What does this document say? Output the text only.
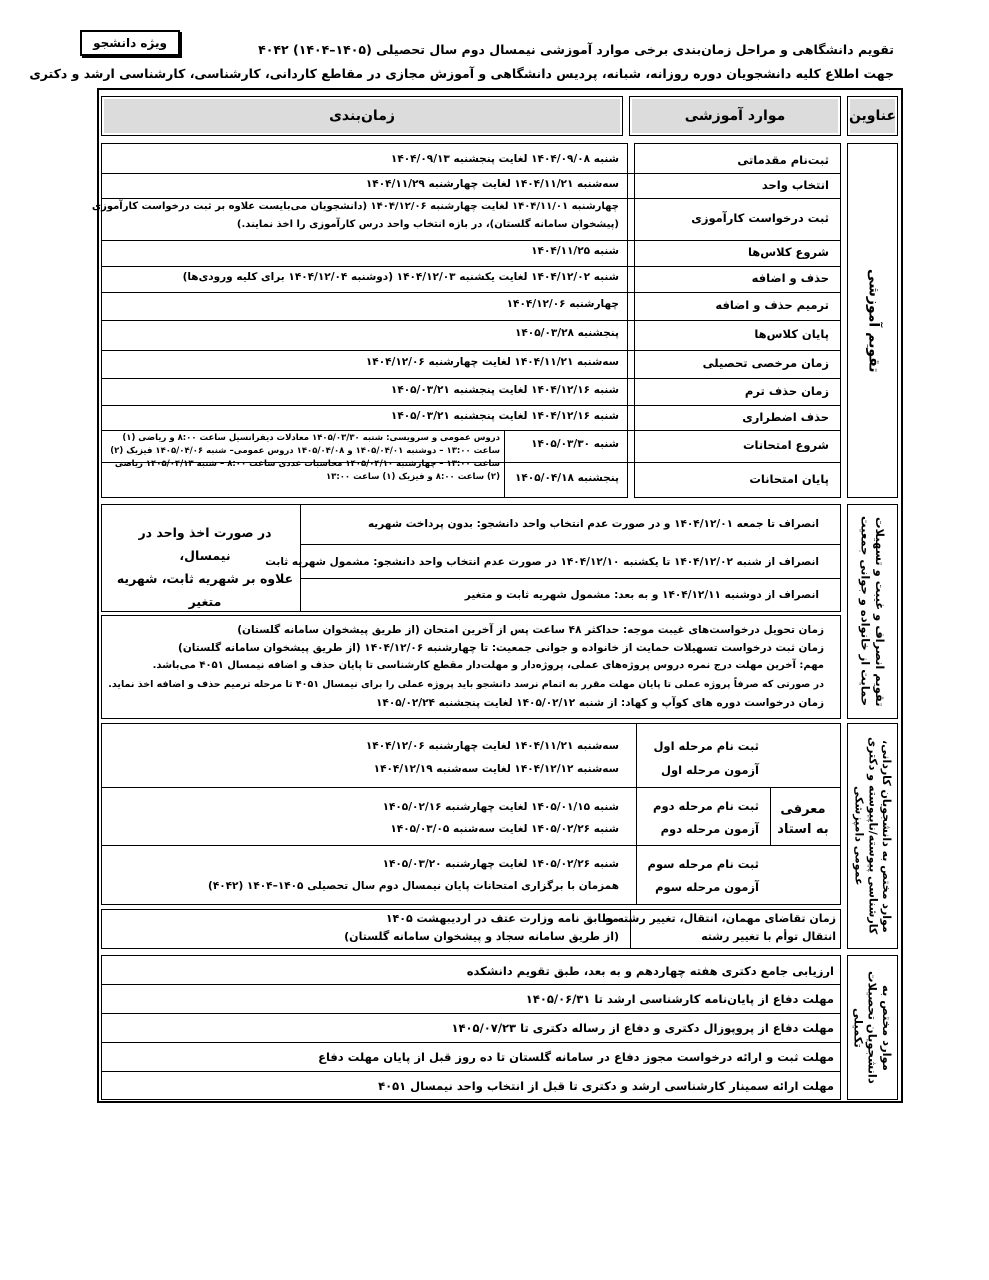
ویژه دانشجو	تقویم دانشگاهی و مراحل زمان‌بندی برخی موارد آموزشی نیمسال دوم سال تحصیلی (۱۴۰۵–۱۴۰۴) ۴۰۴۲
جهت اطلاع کلیه دانشجویان دوره روزانه، شبانه، پردیس دانشگاهی و آموزش مجازی در مقاطع کاردانی، کارشناسی، کارشناسی ارشد و دکتری
عناوین
موارد آموزشی
زمان‌بندی
تقویم آموزشی
ثبت‌نام مقدماتی
شنبه ۱۴۰۴/۰۹/۰۸ لغایت پنجشنبه ۱۴۰۴/۰۹/۱۳
انتخاب واحد
سه‌شنبه ۱۴۰۴/۱۱/۲۱ لغایت چهارشنبه ۱۴۰۴/۱۱/۲۹
ثبت درخواست کارآموزی
چهارشنبه ۱۴۰۴/۱۱/۰۱ لغایت چهارشنبه ۱۴۰۴/۱۲/۰۶ (دانشجویان می‌بایست علاوه بر ثبت درخواست کارآموزی
(پیشخوان سامانه گلستان)، در بازه انتخاب واحد درس کارآموزی را اخذ نمایند.)
شروع کلاس‌ها
شنبه ۱۴۰۴/۱۱/۲۵
حذف و اضافه
شنبه ۱۴۰۴/۱۲/۰۲ لغایت یکشنبه ۱۴۰۴/۱۲/۰۳ (دوشنبه ۱۴۰۴/۱۲/۰۴ برای کلیه ورودی‌ها)
ترمیم حذف و اضافه
چهارشنبه ۱۴۰۴/۱۲/۰۶
پایان کلاس‌ها
پنجشنبه ۱۴۰۵/۰۳/۲۸
زمان مرخصی تحصیلی
سه‌شنبه ۱۴۰۴/۱۱/۲۱ لغایت چهارشنبه ۱۴۰۴/۱۲/۰۶
زمان حذف ترم
شنبه ۱۴۰۴/۱۲/۱۶ لغایت پنجشنبه ۱۴۰۵/۰۳/۲۱
حذف اضطراری
شنبه ۱۴۰۴/۱۲/۱۶ لغایت پنجشنبه ۱۴۰۵/۰۳/۲۱
شروع امتحانات
شنبه ۱۴۰۵/۰۳/۳۰
پایان امتحانات
پنجشنبه ۱۴۰۵/۰۴/۱۸
دروس عمومی و سرویسی: شنبه ۱۴۰۵/۰۳/۳۰ معادلات دیفرانسیل ساعت ۸:۰۰ و ریاضی (۱) ساعت ۱۳:۰۰ – دوشنبه ۱۴۰۵/۰۴/۰۱ و ۱۴۰۵/۰۴/۰۸ دروس عمومی– شنبه ۱۴۰۵/۰۴/۰۶ فیزیک (۲) ساعت ۱۳:۰۰ – چهارشنبه ۱۴۰۵/۰۴/۱۰ محاسبات عددی ساعت ۸:۰۰ – شنبه ۱۴۰۵/۰۴/۱۳ ریاضی (۲) ساعت ۸:۰۰ و فیزیک (۱) ساعت ۱۳:۰۰
تقویم انصراف و غیبت و تسهیلات حمایت از خانواده و جوانی جمعیت
در صورت اخذ واحد در نیمسال،
علاوه بر شهریه ثابت، شهریه متغیر
انصراف تا جمعه ۱۴۰۴/۱۲/۰۱ و در صورت عدم انتخاب واحد دانشجو: بدون پرداخت شهریه
انصراف از شنبه ۱۴۰۴/۱۲/۰۲ تا یکشنبه ۱۴۰۴/۱۲/۱۰ در صورت عدم انتخاب واحد دانشجو: مشمول شهریه ثابت
انصراف از دوشنبه ۱۴۰۴/۱۲/۱۱ و به بعد: مشمول شهریه ثابت و متغیر
زمان تحویل درخواست‌های غیبت موجه: حداکثر ۴۸ ساعت پس از آخرین امتحان (از طریق پیشخوان سامانه گلستان)
زمان ثبت درخواست تسهیلات حمایت از خانواده و جوانی جمعیت: تا چهارشنبه ۱۴۰۴/۱۲/۰۶ (از طریق پیشخوان سامانه گلستان)
مهم: آخرین مهلت درج نمره دروس پروژه‌های عملی، پروژه‌دار و مهلت‌دار مقطع کارشناسی تا پایان حذف و اضافه نیمسال ۴۰۵۱ می‌باشد.
در صورتی که صرفاً پروژه عملی تا پایان مهلت مقرر به اتمام نرسد دانشجو باید پروژه عملی را برای نیمسال ۴۰۵۱ تا مرحله ترمیم حذف و اضافه اخذ نماید.
زمان درخواست دوره های کوآپ و کهاد: از شنبه ۱۴۰۵/۰۲/۱۲ لغایت پنجشنبه ۱۴۰۵/۰۲/۲۴
موارد مختص به دانشجویان کاردانی، کارشناسی پیوسته/ناپیوسته و دکتری عمومی دامپزشکی
معرفی به استاد
ثبت نام مرحله اول
آزمون مرحله اول
سه‌شنبه ۱۴۰۴/۱۱/۲۱ لغایت چهارشنبه ۱۴۰۴/۱۲/۰۶
سه‌شنبه ۱۴۰۴/۱۲/۱۲ لغایت سه‌شنبه ۱۴۰۴/۱۲/۱۹
ثبت نام مرحله دوم
آزمون مرحله دوم
شنبه ۱۴۰۵/۰۱/۱۵ لغایت چهارشنبه ۱۴۰۵/۰۲/۱۶
شنبه ۱۴۰۵/۰۲/۲۶ لغایت سه‌شنبه ۱۴۰۵/۰۳/۰۵
ثبت نام مرحله سوم
آزمون مرحله سوم
شنبه ۱۴۰۵/۰۲/۲۶ لغایت چهارشنبه ۱۴۰۵/۰۳/۲۰
همزمان با برگزاری امتحانات پایان نیمسال دوم سال تحصیلی ۱۴۰۵–۱۴۰۴ (۴۰۴۲)
زمان تقاضای مهمان، انتقال، تغییر رشته و
انتقال توأم با تغییر رشته
مطابق نامه وزارت عتف در اردیبهشت ۱۴۰۵
(از طریق سامانه سجاد و پیشخوان سامانه گلستان)
موارد مختص به دانشجویان تحصیلات تکمیلی
ارزیابی جامع دکتری هفته چهاردهم و به بعد، طبق تقویم دانشکده
مهلت دفاع از پایان‌نامه کارشناسی ارشد تا ۱۴۰۵/۰۶/۳۱
مهلت دفاع از پروپوزال دکتری و دفاع از رساله دکتری تا ۱۴۰۵/۰۷/۲۳
مهلت ثبت و ارائه درخواست مجوز دفاع در سامانه گلستان تا ده روز قبل از پایان مهلت دفاع
مهلت ارائه سمینار کارشناسی ارشد و دکتری تا قبل از انتخاب واحد نیمسال ۴۰۵۱
